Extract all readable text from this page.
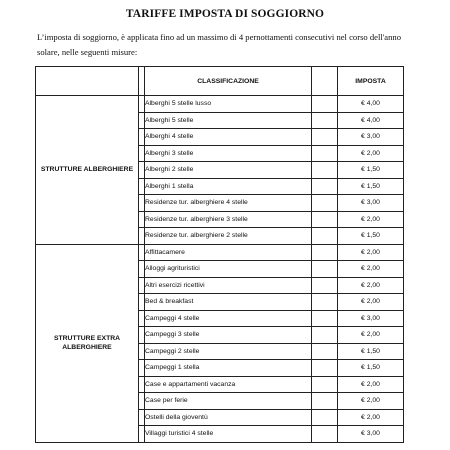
TARIFFE IMPOSTA DI SOGGIORNO
L’imposta di soggiorno, è applicata fino ad un massimo di 4 pernottamenti consecutivi nel corso dell'anno
solare, nelle seguenti misure:
		CLASSIFICAZIONE		IMPOSTA
STRUTTURE ALBERGHIERE		Alberghi 5 stelle lusso		€ 4,00
		Alberghi 5 stelle		€ 4,00
		Alberghi 4 stelle		€ 3,00
		Alberghi 3 stelle		€ 2,00
		Alberghi 2 stelle		€ 1,50
		Alberghi 1 stella		€ 1,50
		Residenze tur. alberghiere 4 stelle		€ 3,00
		Residenze tur. alberghiere 3 stelle		€ 2,00
		Residenze tur. alberghiere 2 stelle		€ 1,50
STRUTTURE EXTRA ALBERGHIERE		Affittacamere		€ 2,00
		Alloggi agrituristici		€ 2,00
		Altri esercizi ricettivi		€ 2,00
		Bed & breakfast		€ 2,00
		Campeggi 4 stelle		€ 3,00
		Campeggi 3 stelle		€ 2,00
		Campeggi 2 stelle		€ 1,50
		Campeggi 1 stella		€ 1,50
		Case e appartamenti vacanza		€ 2,00
		Case per ferie		€ 2,00
		Ostelli della gioventù		€ 2,00
		Villaggi turistici 4 stelle		€ 3,00
